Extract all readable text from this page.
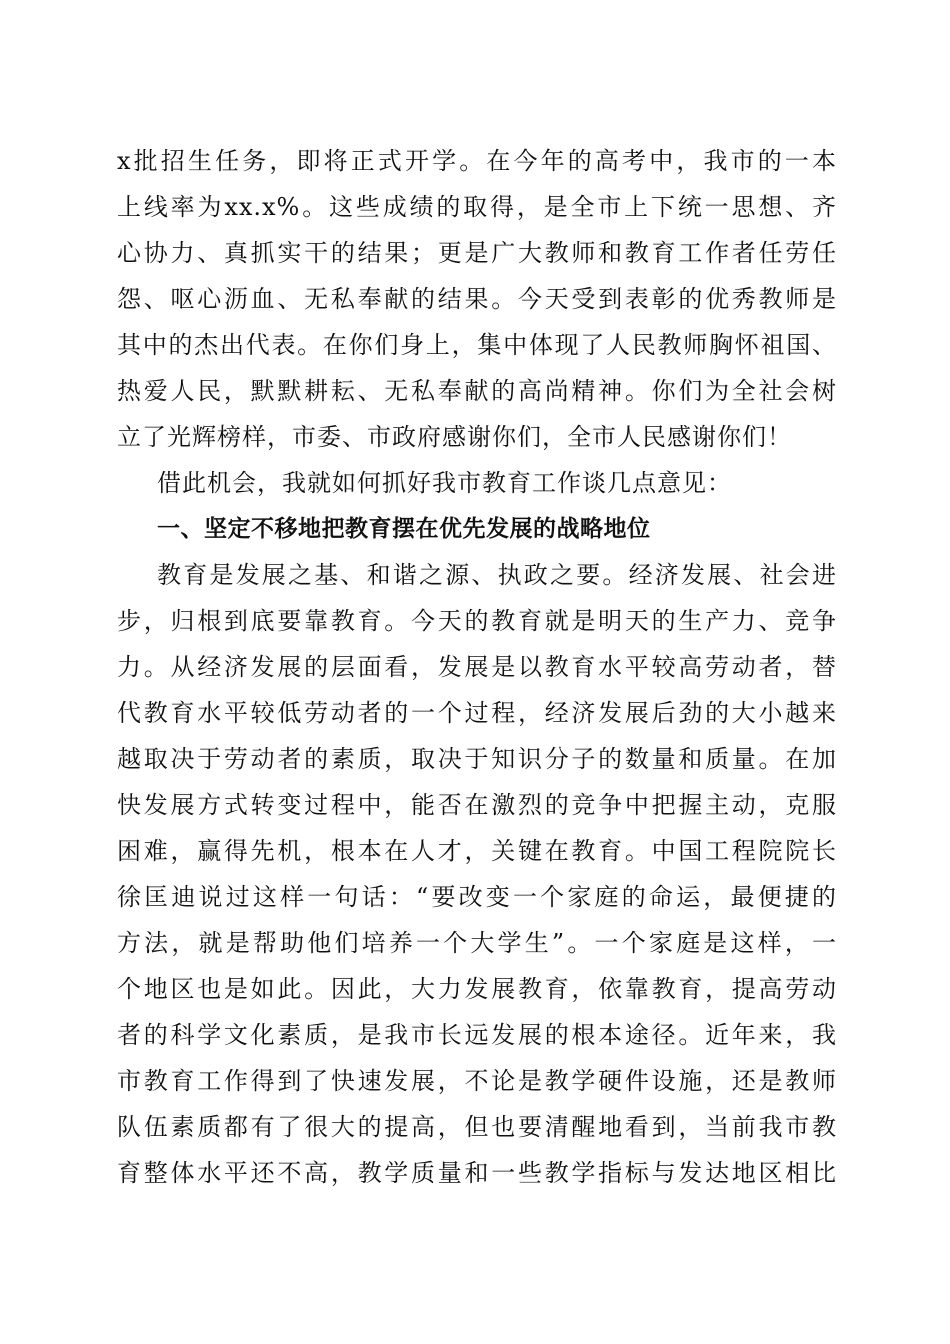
x批招生任务，即将正式开学。在今年的高考中，我市的一本
上线率为xx.x%。这些成绩的取得，是全市上下统一思想、齐
心协力、真抓实干的结果；更是广大教师和教育工作者任劳任
怨、呕心沥血、无私奉献的结果。今天受到表彰的优秀教师是
其中的杰出代表。在你们身上，集中体现了人民教师胸怀祖国、
热爱人民，默默耕耘、无私奉献的高尚精神。你们为全社会树
立了光辉榜样，市委、市政府感谢你们，全市人民感谢你们！
借此机会，我就如何抓好我市教育工作谈几点意见：
一、坚定不移地把教育摆在优先发展的战略地位
教育是发展之基、和谐之源、执政之要。经济发展、社会进
步，归根到底要靠教育。今天的教育就是明天的生产力、竞争
力。从经济发展的层面看，发展是以教育水平较高劳动者，替
代教育水平较低劳动者的一个过程，经济发展后劲的大小越来
越取决于劳动者的素质，取决于知识分子的数量和质量。在加
快发展方式转变过程中，能否在激烈的竞争中把握主动，克服
困难，赢得先机，根本在人才，关键在教育。中国工程院院长
徐匡迪说过这样一句话：“要改变一个家庭的命运，最便捷的
方法，就是帮助他们培养一个大学生”。一个家庭是这样，一
个地区也是如此。因此，大力发展教育，依靠教育，提高劳动
者的科学文化素质，是我市长远发展的根本途径。近年来，我
市教育工作得到了快速发展，不论是教学硬件设施，还是教师
队伍素质都有了很大的提高，但也要清醒地看到，当前我市教
育整体水平还不高，教学质量和一些教学指标与发达地区相比
